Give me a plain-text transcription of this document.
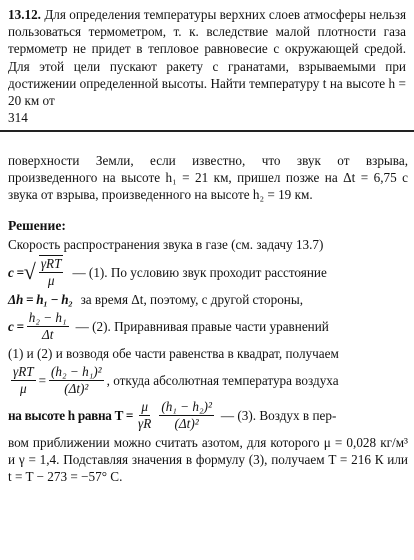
13.12. Для определения температуры верхних слоев атмосферы нельзя пользоваться термометром, т. к. вследствие малой плотности газа термометр не придет в тепловое равновесие с окружающей средой. Для этой цели пускают ракету с гранатами, взрываемыми при достижении определенной высоты. Найти температуру t на высоте h = 20 км от
314

поверхности Земли, если известно, что звук от взрыва, произведенного на высоте h₁ = 21 км, пришел позже на Δt = 6,75 с звука от взрыва, произведенного на высоте h₂ = 19 км.

Решение:

Скорость распространения звука в газе (см. задачу 13.7)

c = √ $\frac{\text{γRT}}{\mu}$ — (1). По условию звук проходит расстояние
Δh = h₁ − h₂ за время Δt, поэтому, с другой стороны,
$c = \frac{\text{h₂ − h₁}}{\Delta t}$ — (2). Приравнивая правые части уравнений

(1) и (2) и возводя обе части равенства в квадрат, получаем

$\frac{\text{γRT}}{\mu} = \frac{\text{(h₂ − h₁)²}}{\text{(Δt)²}}$ , откуда абсолютная температура воздуха
на высоте h равна $T = \frac{\mu}{\gamma R} \frac{\text{(h₁ − h₂)²}}{\text{(Δt)²}}$ — (3). Воздух в пер-

вом приближении можно считать азотом, для которого μ = 0,028 кг/м³ и γ = 1,4. Подставляя значения в формулу (3), получаем T = 216 К или t = T − 273 = −57° С.
